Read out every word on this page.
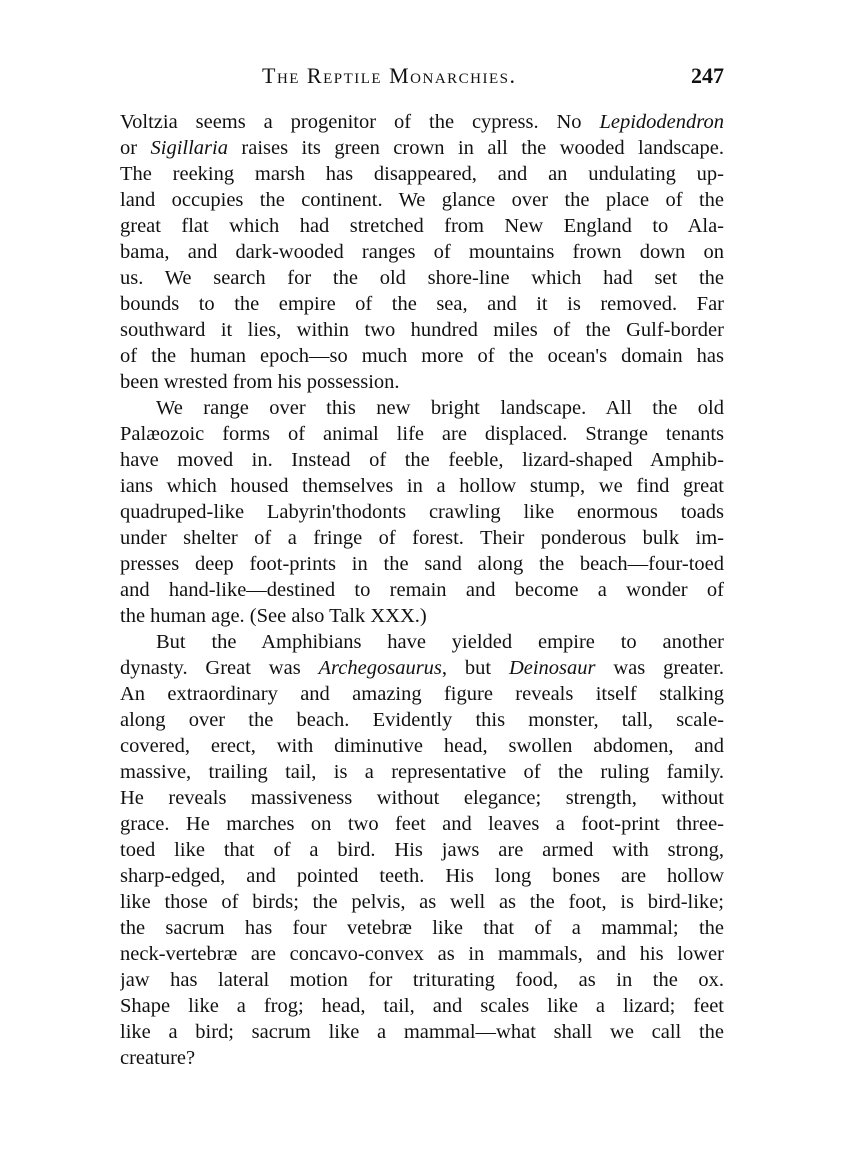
The Reptile Monarchies.	247
Voltzia seems a progenitor of the cypress. No Lepidodendron
or Sigillaria raises its green crown in all the wooded landscape.
The reeking marsh has disappeared, and an undulating up-
land occupies the continent. We glance over the place of the
great flat which had stretched from New England to Ala-
bama, and dark-wooded ranges of mountains frown down on
us. We search for the old shore-line which had set the
bounds to the empire of the sea, and it is removed. Far
southward it lies, within two hundred miles of the Gulf-border
of the human epoch—so much more of the ocean's domain has
been wrested from his possession.
We range over this new bright landscape. All the old
Palæozoic forms of animal life are displaced. Strange tenants
have moved in. Instead of the feeble, lizard-shaped Amphib-
ians which housed themselves in a hollow stump, we find great
quadruped-like Labyrin'thodonts crawling like enormous toads
under shelter of a fringe of forest. Their ponderous bulk im-
presses deep foot-prints in the sand along the beach—four-toed
and hand-like—destined to remain and become a wonder of
the human age. (See also Talk XXX.)
But the Amphibians have yielded empire to another
dynasty. Great was Archegosaurus, but Deinosaur was greater.
An extraordinary and amazing figure reveals itself stalking
along over the beach. Evidently this monster, tall, scale-
covered, erect, with diminutive head, swollen abdomen, and
massive, trailing tail, is a representative of the ruling family.
He reveals massiveness without elegance; strength, without
grace. He marches on two feet and leaves a foot-print three-
toed like that of a bird. His jaws are armed with strong,
sharp-edged, and pointed teeth. His long bones are hollow
like those of birds; the pelvis, as well as the foot, is bird-like;
the sacrum has four vetebræ like that of a mammal; the
neck-vertebræ are concavo-convex as in mammals, and his lower
jaw has lateral motion for triturating food, as in the ox.
Shape like a frog; head, tail, and scales like a lizard; feet
like a bird; sacrum like a mammal—what shall we call the
creature?
